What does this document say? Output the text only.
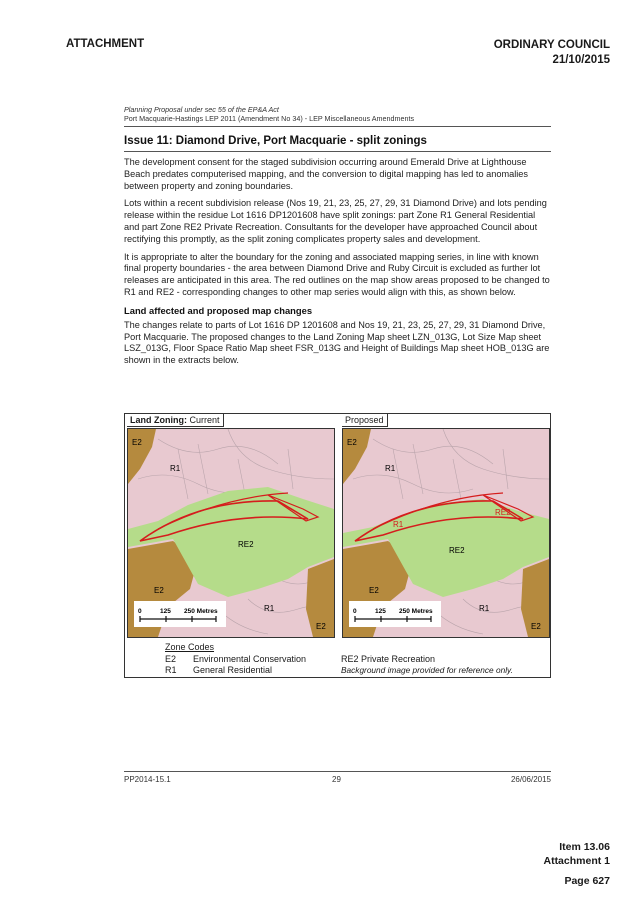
ATTACHMENT	ORDINARY COUNCIL
21/10/2015
Planning Proposal under sec 55 of the EP&A Act
Port Macquarie-Hastings LEP 2011 (Amendment No 34) - LEP Miscellaneous Amendments
Issue 11: Diamond Drive, Port Macquarie - split zonings

The development consent for the staged subdivision occurring around Emerald Drive at Lighthouse Beach predates computerised mapping, and the conversion to digital mapping has led to anomalies between property and zoning boundaries.

Lots within a recent subdivision release (Nos 19, 21, 23, 25, 27, 29, 31 Diamond Drive) and lots pending release within the residue Lot 1616 DP1201608 have split zonings: part Zone R1 General Residential and part Zone RE2 Private Recreation. Consultants for the developer have approached Council about rectifying this promptly, as the split zoning complicates property sales and development.

It is appropriate to alter the boundary for the zoning and associated mapping series, in line with known final property boundaries - the area between Diamond Drive and Ruby Circuit is excluded as further lot releases are anticipated in this area. The red outlines on the map show areas proposed to be changed to R1 and RE2 - corresponding changes to other map series would align with this, as shown below.

Land affected and proposed map changes

The changes relate to parts of Lot 1616 DP 1201608 and Nos 19, 21, 23, 25, 27, 29, 31 Diamond Drive, Port Macquarie. The proposed changes to the Land Zoning Map sheet LZN_013G, Lot Size Map sheet LSZ_013G, Floor Space Ratio Map sheet FSR_013G and Height of Buildings Map sheet HOB_013G are shown in the extracts below.

Land Zoning: Current
E2
R1
RE2
E2
R1
E2
0	125 250 Metres
Proposed
E2
R1
R1
RE2
RE2
E2
R1
E2
0	125 250 Metres
Zone Codes
E2 Environmental Conservation	RE2 Private Recreation
R1 General Residential	Background image provided for reference only.
PP2014-15.1	29	26/06/2015
Item 13.06
Attachment 1
Page 627
